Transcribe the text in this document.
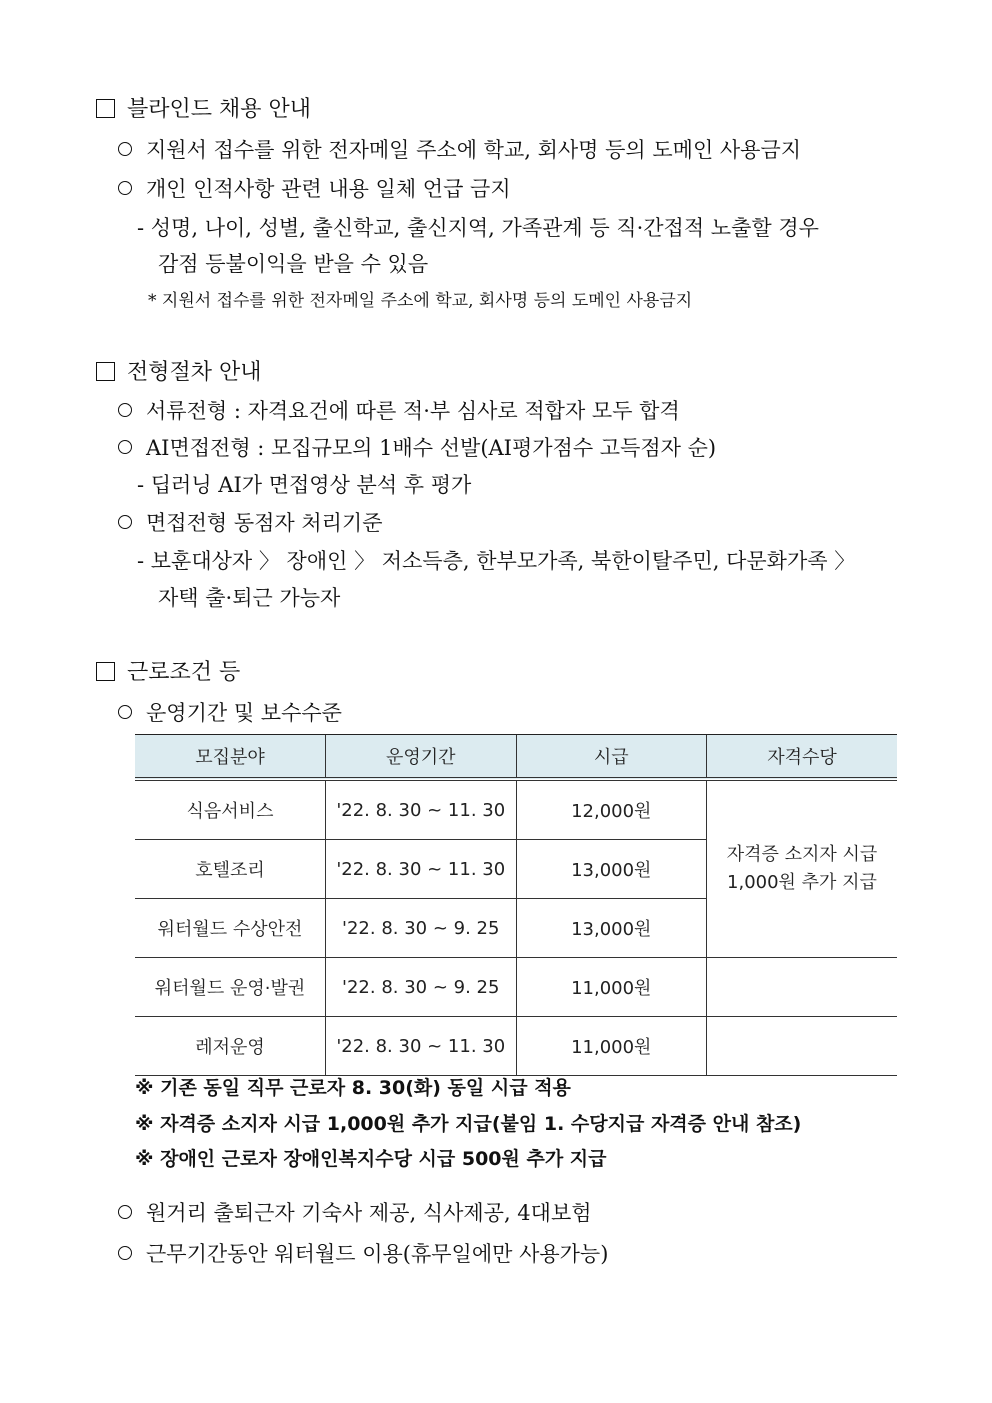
블라인드 채용 안내
지원서 접수를 위한 전자메일 주소에 학교, 회사명 등의 도메인 사용금지
개인 인적사항 관련 내용 일체 언급 금지
- 성명, 나이, 성별, 출신학교, 출신지역, 가족관계 등 직·간접적 노출할 경우
감점 등불이익을 받을 수 있음
* 지원서 접수를 위한 전자메일 주소에 학교, 회사명 등의 도메인 사용금지
전형절차 안내
서류전형 : 자격요건에 따른 적·부 심사로 적합자 모두 합격
AI면접전형 : 모집규모의 1배수 선발(AI평가점수 고득점자 순)
- 딥러닝 AI가 면접영상 분석 후 평가
면접전형 동점자 처리기준
- 보훈대상자 〉 장애인 〉 저소득층, 한부모가족, 북한이탈주민, 다문화가족 〉
자택 출·퇴근 가능자
근로조건 등
운영기간 및 보수수준
모집분야	운영기간	시급	자격수당
식음서비스	'22. 8. 30 ~ 11. 30	12,000원	자격증 소지자 시급
1,000원 추가 지급
호텔조리	'22. 8. 30 ~ 11. 30	13,000원	
워터월드 수상안전	'22. 8. 30 ~ 9. 25	13,000원	
워터월드 운영·발권	'22. 8. 30 ~ 9. 25	11,000원	
레저운영	'22. 8. 30 ~ 11. 30	11,000원	
※ 기존 동일 직무 근로자 8. 30(화) 동일 시급 적용
※ 자격증 소지자 시급 1,000원 추가 지급(붙임 1. 수당지급 자격증 안내 참조)
※ 장애인 근로자 장애인복지수당 시급 500원 추가 지급
원거리 출퇴근자 기숙사 제공, 식사제공, 4대보험
근무기간동안 워터월드 이용(휴무일에만 사용가능)
